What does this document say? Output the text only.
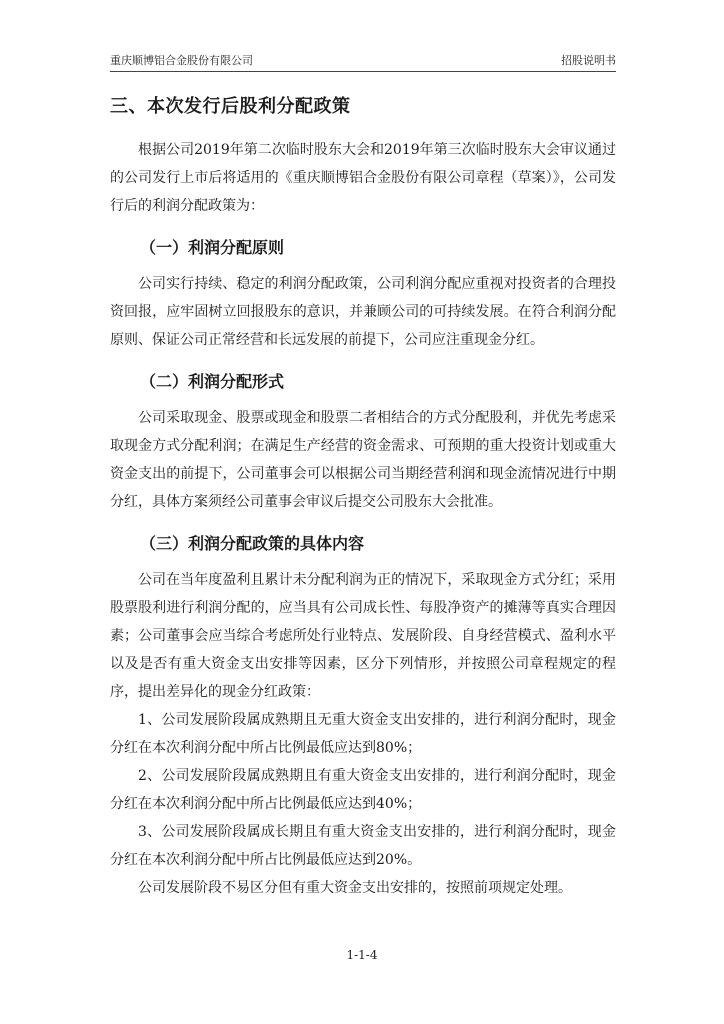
重庆顺博铝合金股份有限公司	招股说明书
三、本次发行后股利分配政策

根据公司2019年第二次临时股东大会和2019年第三次临时股东大会审议通过的公司发行上市后将适用的《重庆顺博铝合金股份有限公司章程（草案）》，公司发行后的利润分配政策为：

（一）利润分配原则

公司实行持续、稳定的利润分配政策，公司利润分配应重视对投资者的合理投资回报，应牢固树立回报股东的意识，并兼顾公司的可持续发展。在符合利润分配原则、保证公司正常经营和长远发展的前提下，公司应注重现金分红。

（二）利润分配形式

公司采取现金、股票或现金和股票二者相结合的方式分配股利，并优先考虑采取现金方式分配利润；在满足生产经营的资金需求、可预期的重大投资计划或重大资金支出的前提下，公司董事会可以根据公司当期经营利润和现金流情况进行中期分红，具体方案须经公司董事会审议后提交公司股东大会批准。

（三）利润分配政策的具体内容

公司在当年度盈利且累计未分配利润为正的情况下，采取现金方式分红；采用股票股利进行利润分配的，应当具有公司成长性、每股净资产的摊薄等真实合理因素；公司董事会应当综合考虑所处行业特点、发展阶段、自身经营模式、盈利水平以及是否有重大资金支出安排等因素，区分下列情形，并按照公司章程规定的程序，提出差异化的现金分红政策：

1、公司发展阶段属成熟期且无重大资金支出安排的，进行利润分配时，现金分红在本次利润分配中所占比例最低应达到80%；

2、公司发展阶段属成熟期且有重大资金支出安排的，进行利润分配时，现金分红在本次利润分配中所占比例最低应达到40%；

3、公司发展阶段属成长期且有重大资金支出安排的，进行利润分配时，现金分红在本次利润分配中所占比例最低应达到20%。

公司发展阶段不易区分但有重大资金支出安排的，按照前项规定处理。

1-1-4
